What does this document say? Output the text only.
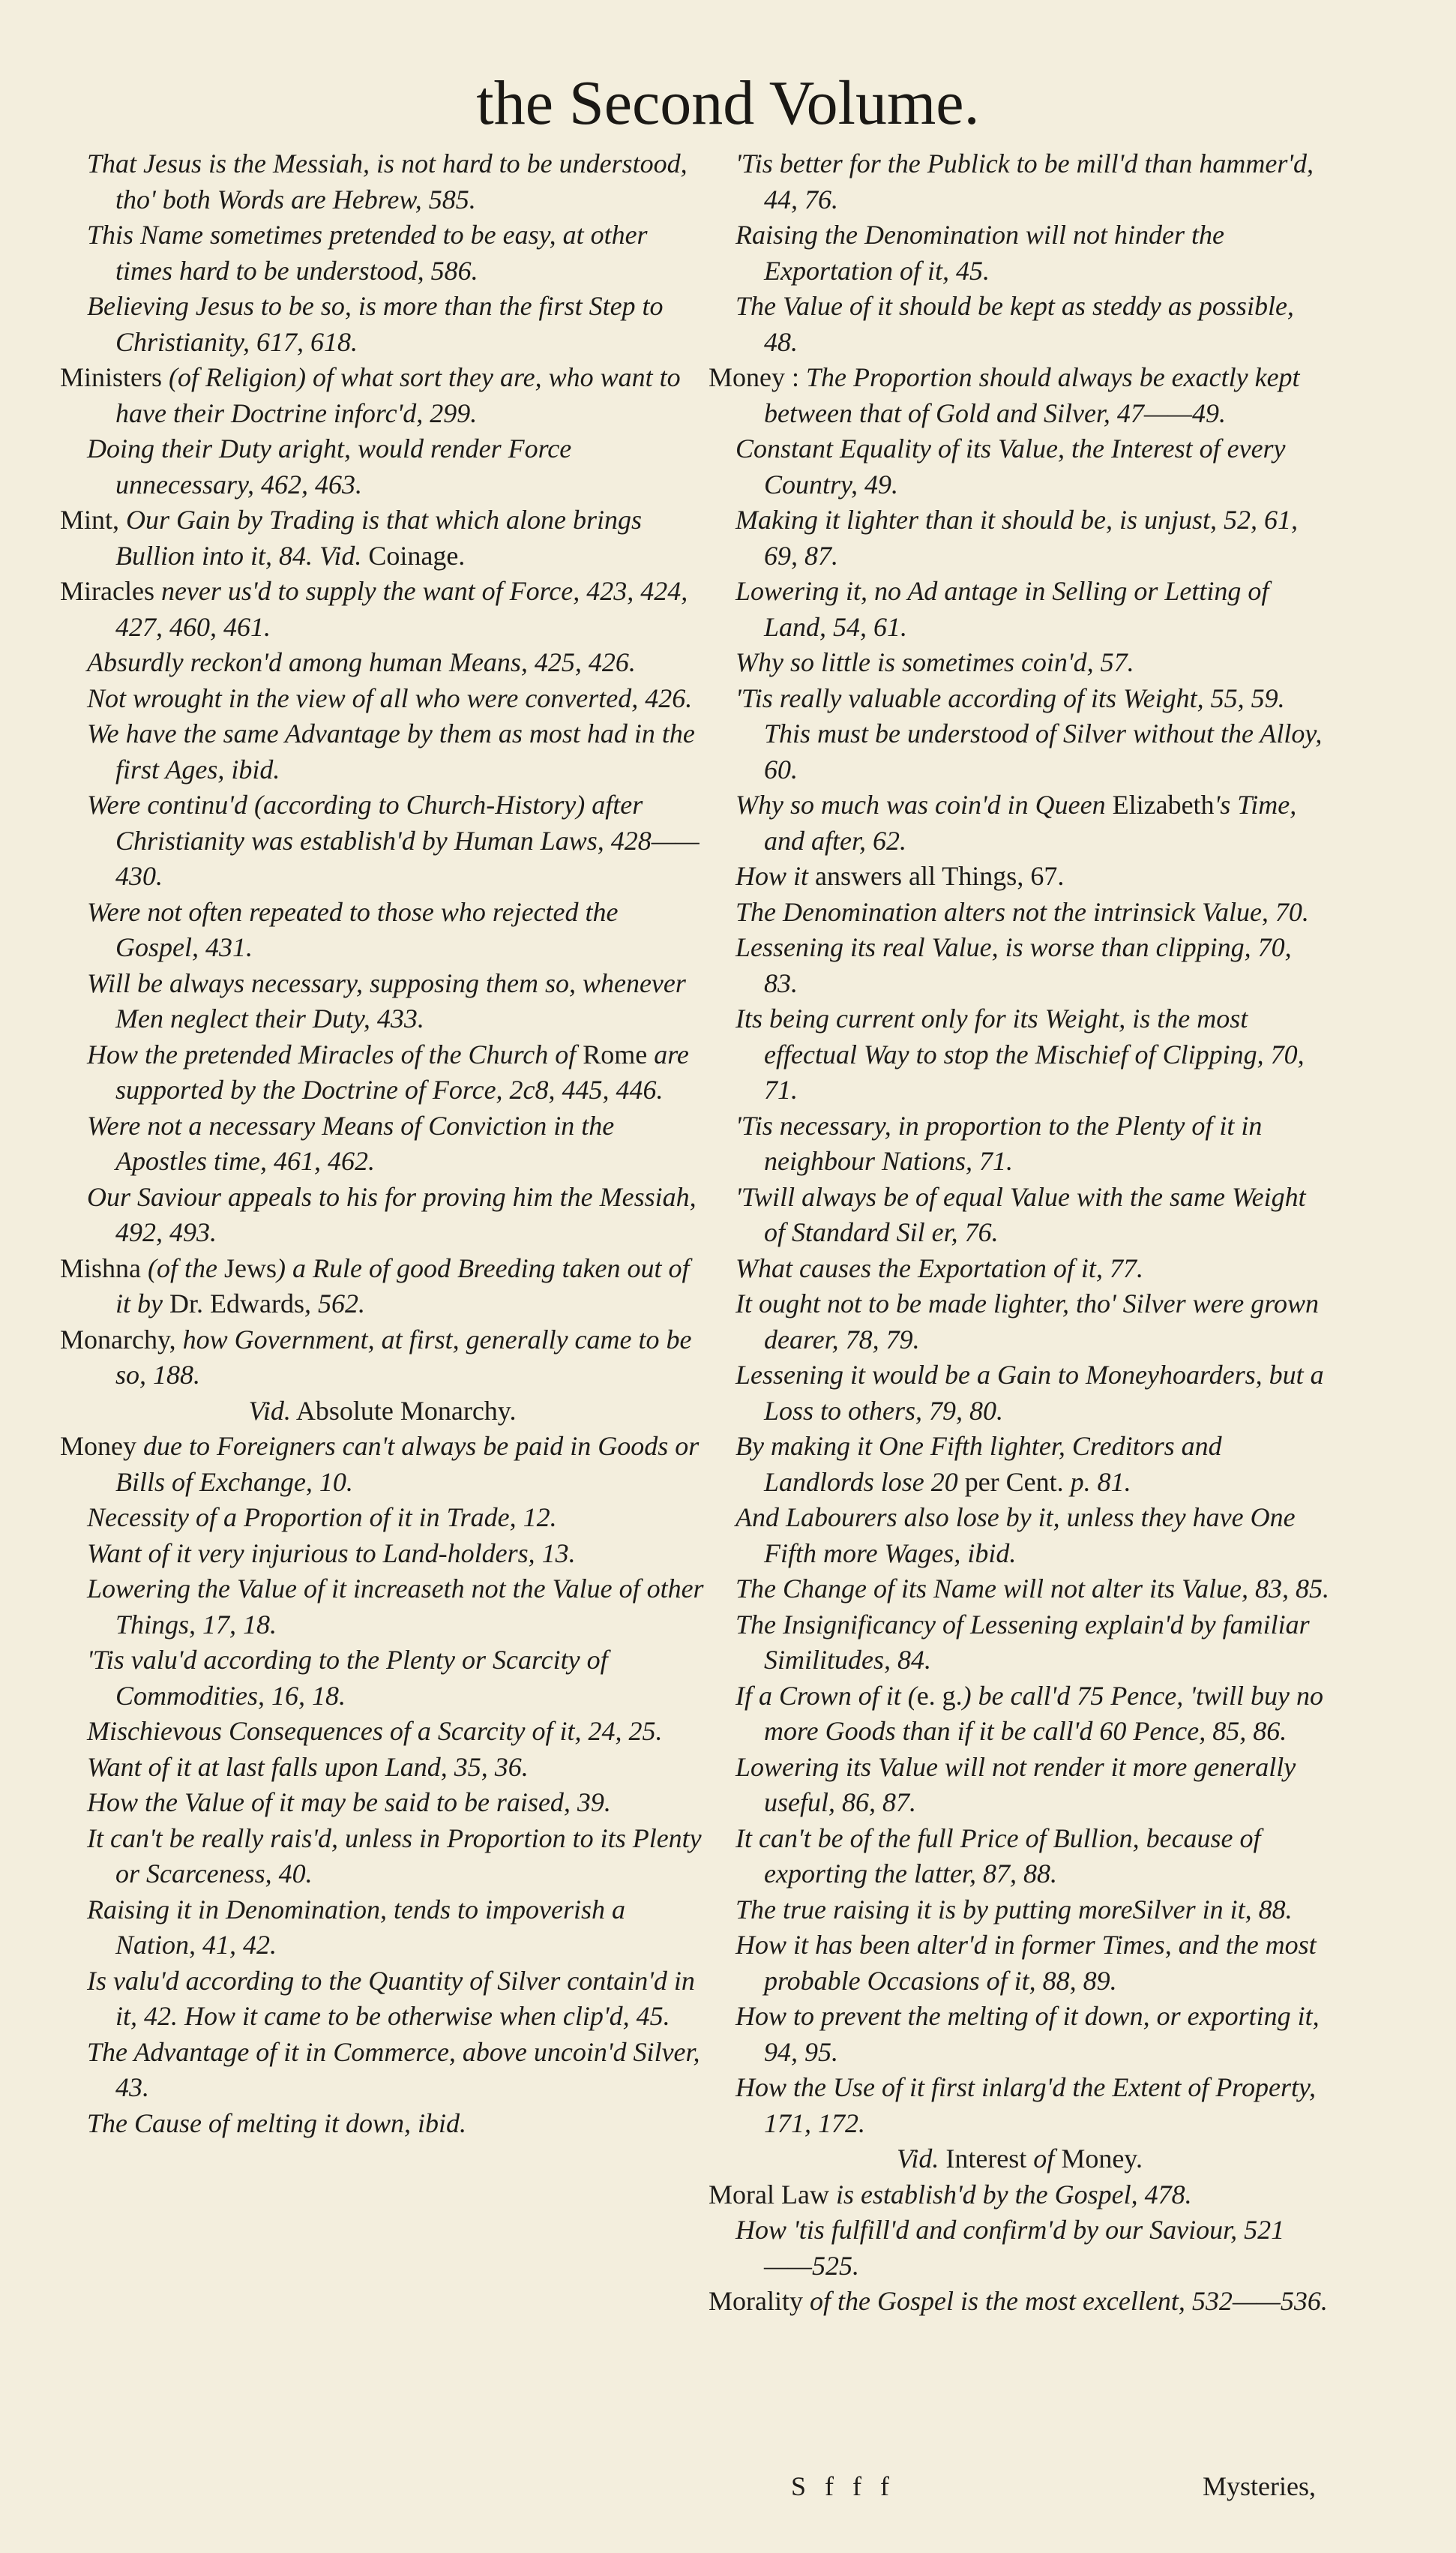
the Second Volume.

That Jesus is the Messiah, is not hard to be understood, tho' both Words are Hebrew, 585.

This Name sometimes pretended to be easy, at other times hard to be understood, 586.

Believing Jesus to be so, is more than the first Step to Christianity, 617, 618.

Ministers (of Religion) of what sort they are, who want to have their Doctrine inforc'd, 299.

Doing their Duty aright, would render Force unnecessary, 462, 463.

Mint, Our Gain by Trading is that which alone brings Bullion into it, 84. Vid. Coinage.

Miracles never us'd to supply the want of Force, 423, 424, 427, 460, 461.

Absurdly reckon'd among human Means, 425, 426.

Not wrought in the view of all who were converted, 426.

We have the same Advantage by them as most had in the first Ages, ibid.

Were continu'd (according to Church-History) after Christianity was establish'd by Human Laws, 428——430.

Were not often repeated to those who rejected the Gospel, 431.

Will be always necessary, supposing them so, whenever Men neglect their Duty, 433.

How the pretended Miracles of the Church of Rome are supported by the Doctrine of Force, 2c8, 445, 446.

Were not a necessary Means of Conviction in the Apostles time, 461, 462.

Our Saviour appeals to his for proving him the Messiah, 492, 493.

Mishna (of the Jews) a Rule of good Breeding taken out of it by Dr. Edwards, 562.

Monarchy, how Government, at first, generally came to be so, 188.

Vid. Absolute Monarchy.

Money due to Foreigners can't always be paid in Goods or Bills of Exchange, 10.

Necessity of a Proportion of it in Trade, 12.

Want of it very injurious to Land-holders, 13.

Lowering the Value of it increaseth not the Value of other Things, 17, 18.

'Tis valu'd according to the Plenty or Scarcity of Commodities, 16, 18.

Mischievous Consequences of a Scarcity of it, 24, 25.

Want of it at last falls upon Land, 35, 36.

How the Value of it may be said to be raised, 39.

It can't be really rais'd, unless in Proportion to its Plenty or Scarceness, 40.

Raising it in Denomination, tends to impoverish a Nation, 41, 42.

Is valu'd according to the Quantity of Silver contain'd in it, 42. How it came to be otherwise when clip'd, 45.

The Advantage of it in Commerce, above uncoin'd Silver, 43.

The Cause of melting it down, ibid.

'Tis better for the Publick to be mill'd than hammer'd, 44, 76.

Raising the Denomination will not hinder the Exportation of it, 45.

The Value of it should be kept as steddy as possible, 48.

Money : The Proportion should always be exactly kept between that of Gold and Silver, 47——49.

Constant Equality of its Value, the Interest of every Country, 49.

Making it lighter than it should be, is unjust, 52, 61, 69, 87.

Lowering it, no Ad antage in Selling or Letting of Land, 54, 61.

Why so little is sometimes coin'd, 57.

'Tis really valuable according of its Weight, 55, 59. This must be understood of Silver without the Alloy, 60.

Why so much was coin'd in Queen Elizabeth's Time, and after, 62.

How it answers all Things, 67.

The Denomination alters not the intrinsick Value, 70.

Lessening its real Value, is worse than clipping, 70, 83.

Its being current only for its Weight, is the most effectual Way to stop the Mischief of Clipping, 70, 71.

'Tis necessary, in proportion to the Plenty of it in neighbour Nations, 71.

'Twill always be of equal Value with the same Weight of Standard Sil er, 76.

What causes the Exportation of it, 77.

It ought not to be made lighter, tho' Silver were grown dearer, 78, 79.

Lessening it would be a Gain to Moneyhoarders, but a Loss to others, 79, 80.

By making it One Fifth lighter, Creditors and Landlords lose 20 per Cent. p. 81.

And Labourers also lose by it, unless they have One Fifth more Wages, ibid.

The Change of its Name will not alter its Value, 83, 85.

The Insignificancy of Lessening explain'd by familiar Similitudes, 84.

If a Crown of it (e. g.) be call'd 75 Pence, 'twill buy no more Goods than if it be call'd 60 Pence, 85, 86.

Lowering its Value will not render it more generally useful, 86, 87.

It can't be of the full Price of Bullion, because of exporting the latter, 87, 88.

The true raising it is by putting moreSilver in it, 88.

How it has been alter'd in former Times, and the most probable Occasions of it, 88, 89.

How to prevent the melting of it down, or exporting it, 94, 95.

How the Use of it first inlarg'd the Extent of Property, 171, 172.

Vid. Interest of Money.

Moral Law is establish'd by the Gospel, 478.

How 'tis fulfill'd and confirm'd by our Saviour, 521——525.

Morality of the Gospel is the most excellent, 532——536.

S f f f	Mysteries,
